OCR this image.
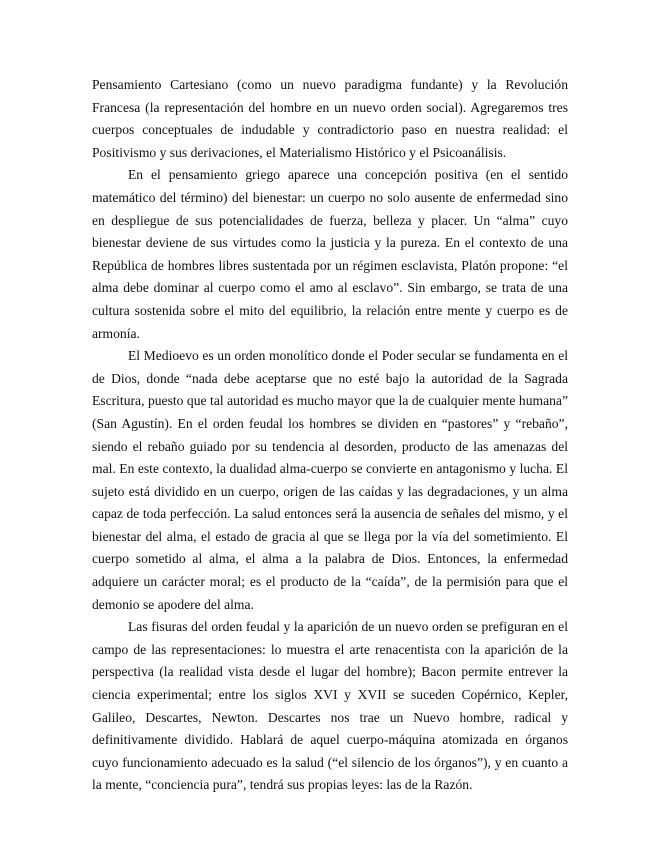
Pensamiento Cartesiano (como un nuevo paradigma fundante) y la Revolución Francesa (la representación del hombre en un nuevo orden social). Agregaremos tres cuerpos conceptuales de indudable y contradictorio paso en nuestra realidad: el Positivismo y sus derivaciones, el Materialismo Histórico y el Psicoanálisis.

En el pensamiento griego aparece una concepción positiva (en el sentido matemático del término) del bienestar: un cuerpo no solo ausente de enfermedad sino en despliegue de sus potencialidades de fuerza, belleza y placer. Un “alma” cuyo bienestar deviene de sus virtudes como la justicia y la pureza. En el contexto de una República de hombres libres sustentada por un régimen esclavista, Platón propone: “el alma debe dominar al cuerpo como el amo al esclavo”. Sin embargo, se trata de una cultura sostenida sobre el mito del equilibrio, la relación entre mente y cuerpo es de armonía.

El Medioevo es un orden monolítico donde el Poder secular se fundamenta en el de Dios, donde “nada debe aceptarse que no esté bajo la autoridad de la Sagrada Escritura, puesto que tal autoridad es mucho mayor que la de cualquier mente humana” (San Agustín). En el orden feudal los hombres se dividen en “pastores” y “rebaño”, siendo el rebaño guiado por su tendencia al desorden, producto de las amenazas del mal. En este contexto, la dualidad alma-cuerpo se convierte en antagonismo y lucha. El sujeto está dividido en un cuerpo, origen de las caídas y las degradaciones, y un alma capaz de toda perfección. La salud entonces será la ausencia de señales del mismo, y el bienestar del alma, el estado de gracia al que se llega por la vía del sometimiento. El cuerpo sometido al alma, el alma a la palabra de Dios. Entonces, la enfermedad adquiere un carácter moral; es el producto de la “caída”, de la permisión para que el demonio se apodere del alma.

Las fisuras del orden feudal y la aparición de un nuevo orden se prefiguran en el campo de las representaciones: lo muestra el arte renacentista con la aparición de la perspectiva (la realidad vista desde el lugar del hombre); Bacon permite entrever la ciencia experimental; entre los siglos XVI y XVII se suceden Copérnico, Kepler, Galileo, Descartes, Newton. Descartes nos trae un Nuevo hombre, radical y definitivamente dividido. Hablará de aquel cuerpo-máquina atomizada en órganos cuyo funcionamiento adecuado es la salud (“el silencio de los órganos”), y en cuanto a la mente, “conciencia pura”, tendrá sus propias leyes: las de la Razón.
